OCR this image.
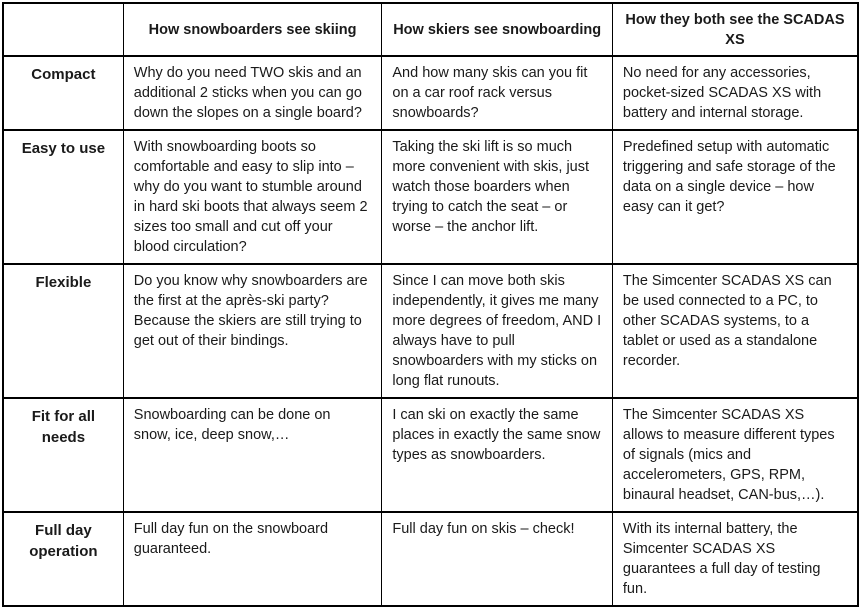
	How snowboarders see skiing	How skiers see snowboarding	How they both see the SCADAS XS
Compact	Why do you need TWO skis and an additional 2 sticks when you can go down the slopes on a single board?	And how many skis can you fit on a car roof rack versus snowboards?	No need for any accessories, pocket-sized SCADAS XS with battery and internal storage.
Easy to use	With snowboarding boots so comfortable and easy to slip into – why do you want to stumble around in hard ski boots that always seem 2 sizes too small and cut off your blood circulation?	Taking the ski lift is so much more convenient with skis, just watch those boarders when trying to catch the seat – or worse – the anchor lift.	Predefined setup with automatic triggering and safe storage of the data on a single device – how easy can it get?
Flexible	Do you know why snowboarders are the first at the après-ski party? Because the skiers are still trying to get out of their bindings.	Since I can move both skis independently, it gives me many more degrees of freedom, AND I always have to pull snowboarders with my sticks on long flat runouts.	The Simcenter SCADAS XS can be used connected to a PC, to other SCADAS systems, to a tablet or used as a standalone recorder.
Fit for all needs	Snowboarding can be done on snow, ice, deep snow,…	I can ski on exactly the same places in exactly the same snow types as snowboarders.	The Simcenter SCADAS XS allows to measure different types of signals (mics and accelerometers, GPS, RPM, binaural headset, CAN-bus,…).
Full day operation	Full day fun on the snowboard guaranteed.	Full day fun on skis – check!	With its internal battery, the Simcenter SCADAS XS guarantees a full day of testing fun.
